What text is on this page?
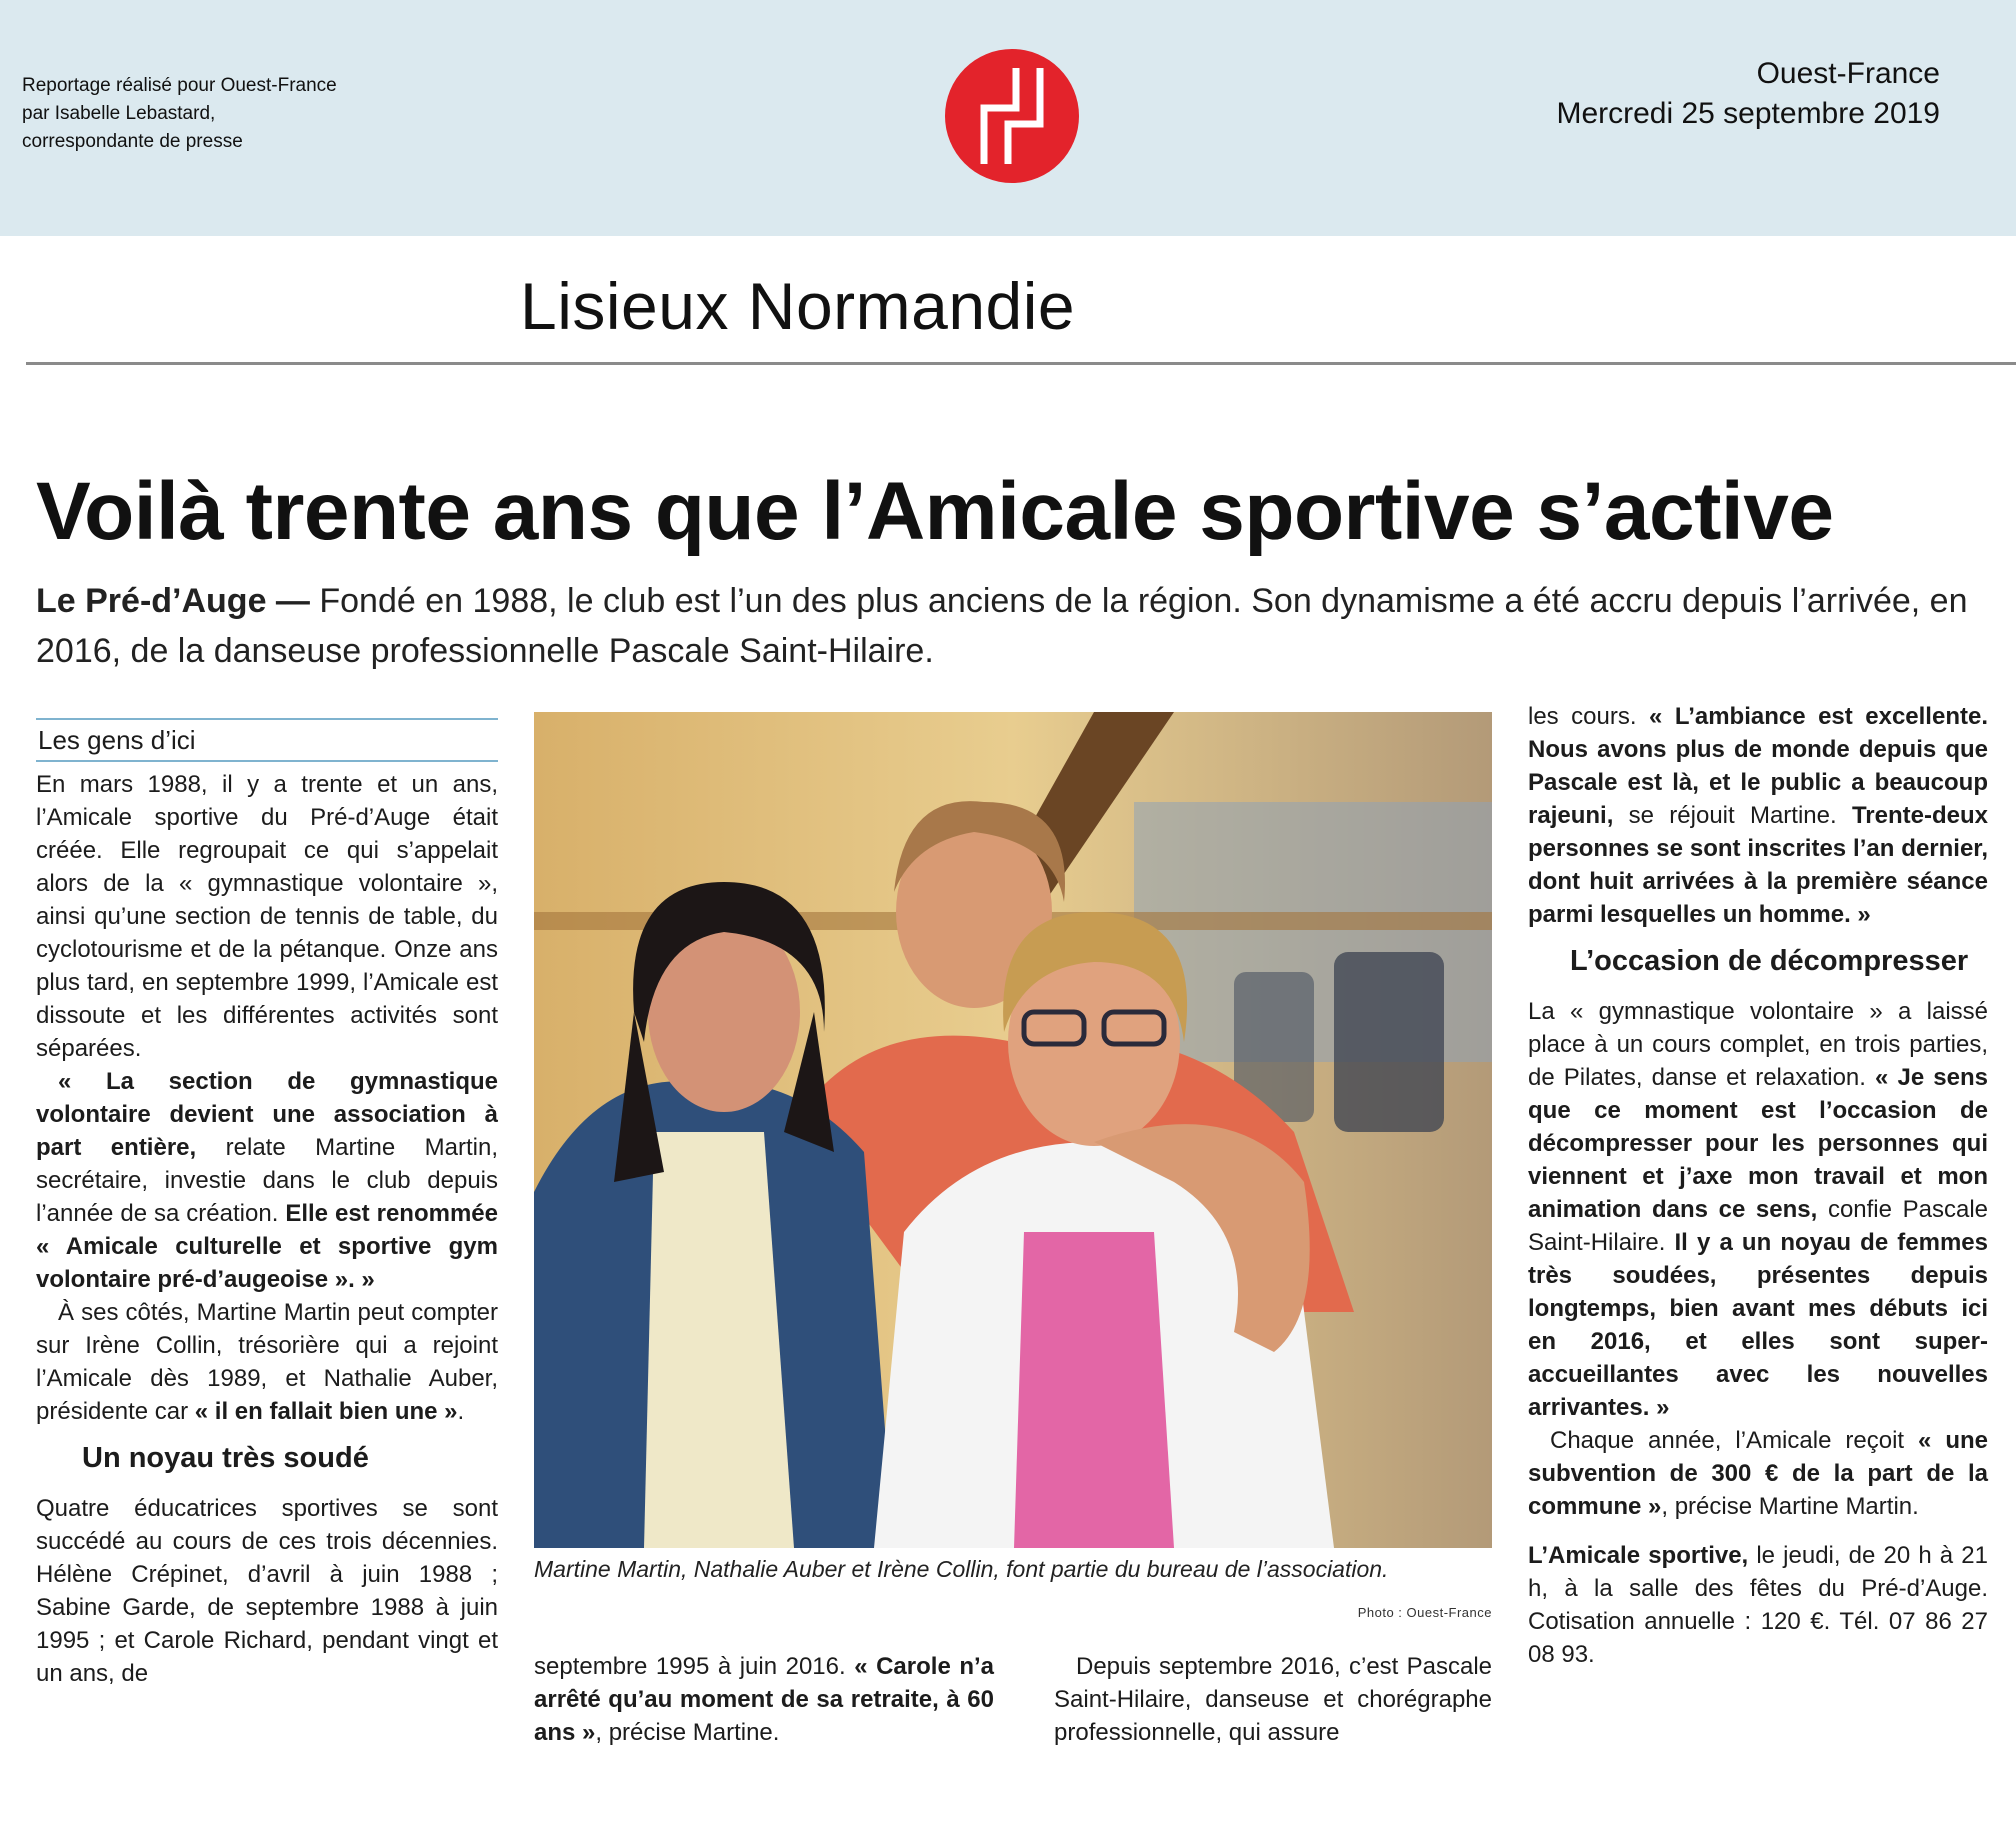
Reportage réalisé pour Ouest-France
par Isabelle Lebastard,
correspondante de presse
Ouest-France
Mercredi 25 septembre 2019
Lisieux Normandie
Voilà trente ans que l’Amicale sportive s’active
Le Pré-d’Auge — Fondé en 1988, le club est l’un des plus anciens de la région. Son dynamisme a été accru depuis l’arrivée, en 2016, de la danseuse professionnelle Pascale Saint-Hilaire.
Les gens d’ici

En mars 1988, il y a trente et un ans, l’Amicale sportive du Pré-d’Auge était créée. Elle regroupait ce qui s’appelait alors de la « gymnastique volontaire », ainsi qu’une section de tennis de table, du cyclotourisme et de la pétanque. Onze ans plus tard, en septembre 1999, l’Amicale est dissoute et les différentes activités sont séparées.

« La section de gymnastique volontaire devient une association à part entière, relate Martine Martin, secrétaire, investie dans le club depuis l’année de sa création. Elle est renommée « Amicale culturelle et sportive gym volontaire pré-d’augeoise ». »

À ses côtés, Martine Martin peut compter sur Irène Collin, trésorière qui a rejoint l’Amicale dès 1989, et Nathalie Auber, présidente car « il en fallait bien une ».

Un noyau très soudé

Quatre éducatrices sportives se sont succédé au cours de ces trois décennies. Hélène Crépinet, d’avril à juin 1988 ; Sabine Garde, de septembre 1988 à juin 1995 ; et Carole Richard, pendant vingt et un ans, de

Martine Martin, Nathalie Auber et Irène Collin, font partie du bureau de l’association.
Photo : Ouest-France

septembre 1995 à juin 2016. « Carole n’a arrêté qu’au moment de sa retraite, à 60 ans », précise Martine.

Depuis septembre 2016, c’est Pascale Saint-Hilaire, danseuse et chorégraphe professionnelle, qui assure

les cours. « L’ambiance est excellente. Nous avons plus de monde depuis que Pascale est là, et le public a beaucoup rajeuni, se réjouit Martine. Trente-deux personnes se sont inscrites l’an dernier, dont huit arrivées à la première séance parmi lesquelles un homme. »

L’occasion de décompresser

La « gymnastique volontaire » a laissé place à un cours complet, en trois parties, de Pilates, danse et relaxation. « Je sens que ce moment est l’occasion de décompresser pour les personnes qui viennent et j’axe mon travail et mon animation dans ce sens, confie Pascale Saint-Hilaire. Il y a un noyau de femmes très soudées, présentes depuis longtemps, bien avant mes débuts ici en 2016, et elles sont super-accueillantes avec les nouvelles arrivantes. »

Chaque année, l’Amicale reçoit « une subvention de 300 € de la part de la commune », précise Martine Martin.

L’Amicale sportive, le jeudi, de 20 h à 21 h, à la salle des fêtes du Pré-d’Auge. Cotisation annuelle : 120 €. Tél. 07 86 27 08 93.
